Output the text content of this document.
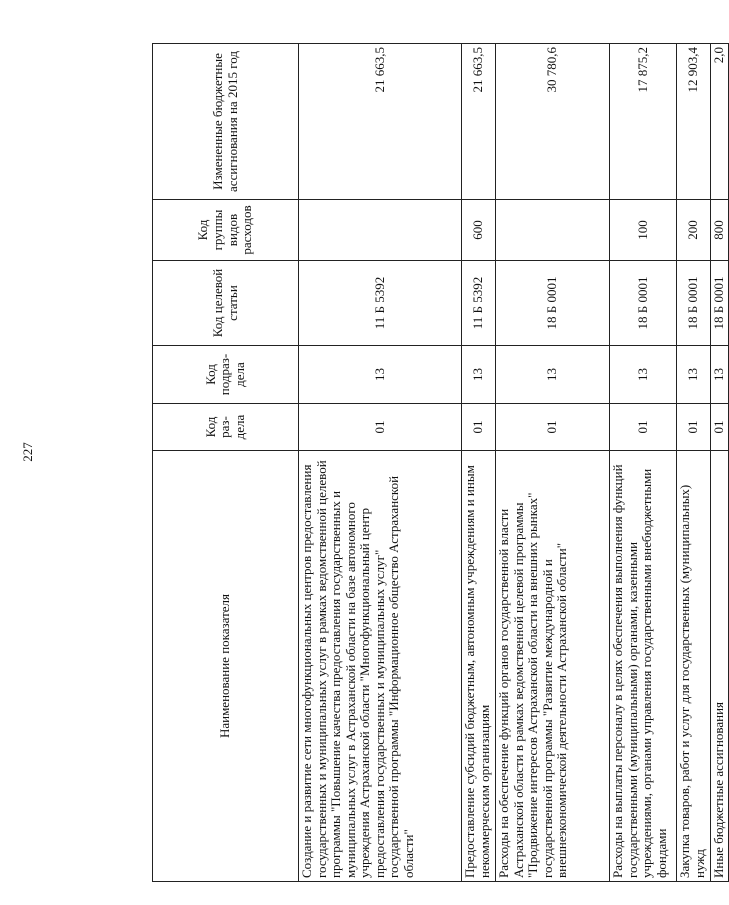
227
Наименование показателя	Код раз-дела	Код подраз-дела	Код целевой статьи	Код группы видов расходов	Измененные бюджетные ассигнования на 2015 год
Создание и развитие сети многофункциональных центров предоставления государственных и муниципальных услуг в рамках ведомственной целевой программы "Повышение качества предоставления государственных и муниципальных услуг в Астраханской области на базе автономного учреждения Астраханской области "Многофункциональный центр предоставления государственных и муниципальных услуг" государственной программы "Информационное общество Астраханской области"	01	13	11 Б 5392		21 663,5
Предоставление субсидий бюджетным, автономным учреждениям и иным некоммерческим организациям	01	13	11 Б 5392	600	21 663,5
Расходы на обеспечение функций органов государственной власти Астраханской области в рамках ведомственной целевой программы "Продвижение интересов Астраханской области на внешних рынках" государственной программы "Развитие международной и внешнеэкономической деятельности Астраханской области"	01	13	18 Б 0001		30 780,6
Расходы на выплаты персоналу в целях обеспечения выполнения функций государственными (муниципальными) органами, казенными учреждениями, органами управления государственными внебюджетными фондами	01	13	18 Б 0001	100	17 875,2
Закупка товаров, работ и услуг для государственных (муниципальных) нужд	01	13	18 Б 0001	200	12 903,4
Иные бюджетные ассигнования	01	13	18 Б 0001	800	2,0
